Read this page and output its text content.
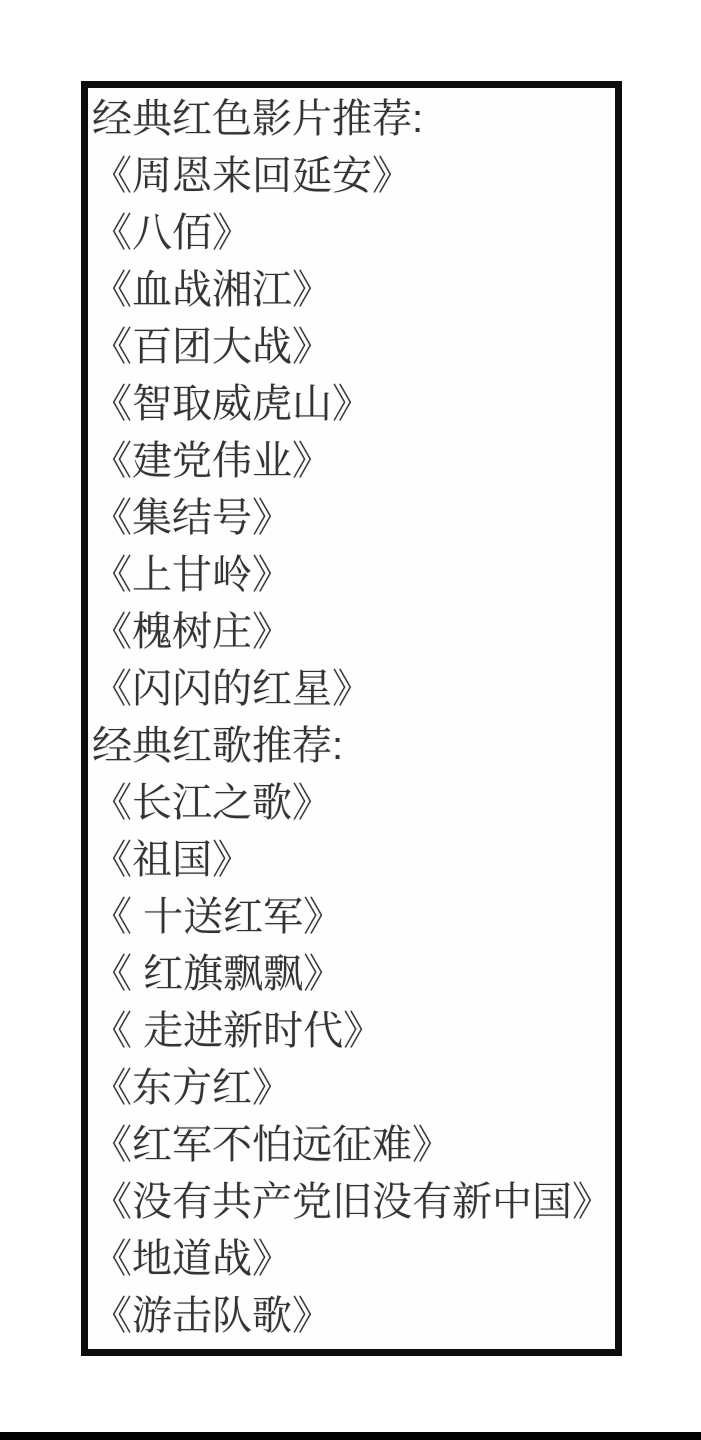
经典红色影片推荐:
《周恩来回延安》
《八佰》
《血战湘江》
《百团大战》
《智取威虎山》
《建党伟业》
《集结号》
《上甘岭》
《槐树庄》
《闪闪的红星》
经典红歌推荐:
《长江之歌》
《祖国》
《 十送红军》
《 红旗飘飘》
《 走进新时代》
《东方红》
《红军不怕远征难》
《没有共产党旧没有新中国》
《地道战》
《游击队歌》
